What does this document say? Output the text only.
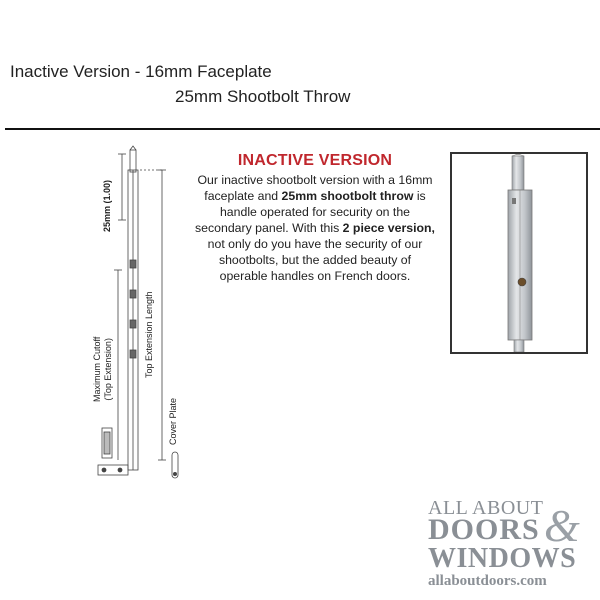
Inactive Version - 16mm Faceplate
25mm Shootbolt Throw
25mm (1.00)
Top Extension Length
Maximum Cutoff
(Top Extension)
Cover Plate
INACTIVE VERSION
Our inactive shootbolt version with a 16mm faceplate and 25mm shootbolt throw is handle operated for security on the secondary panel. With this 2 piece version, not only do you have the security of our shootbolts, but the added beauty of operable handles on French doors.
ALL ABOUT
DOORS &
WINDOWS
allaboutdoors.com
